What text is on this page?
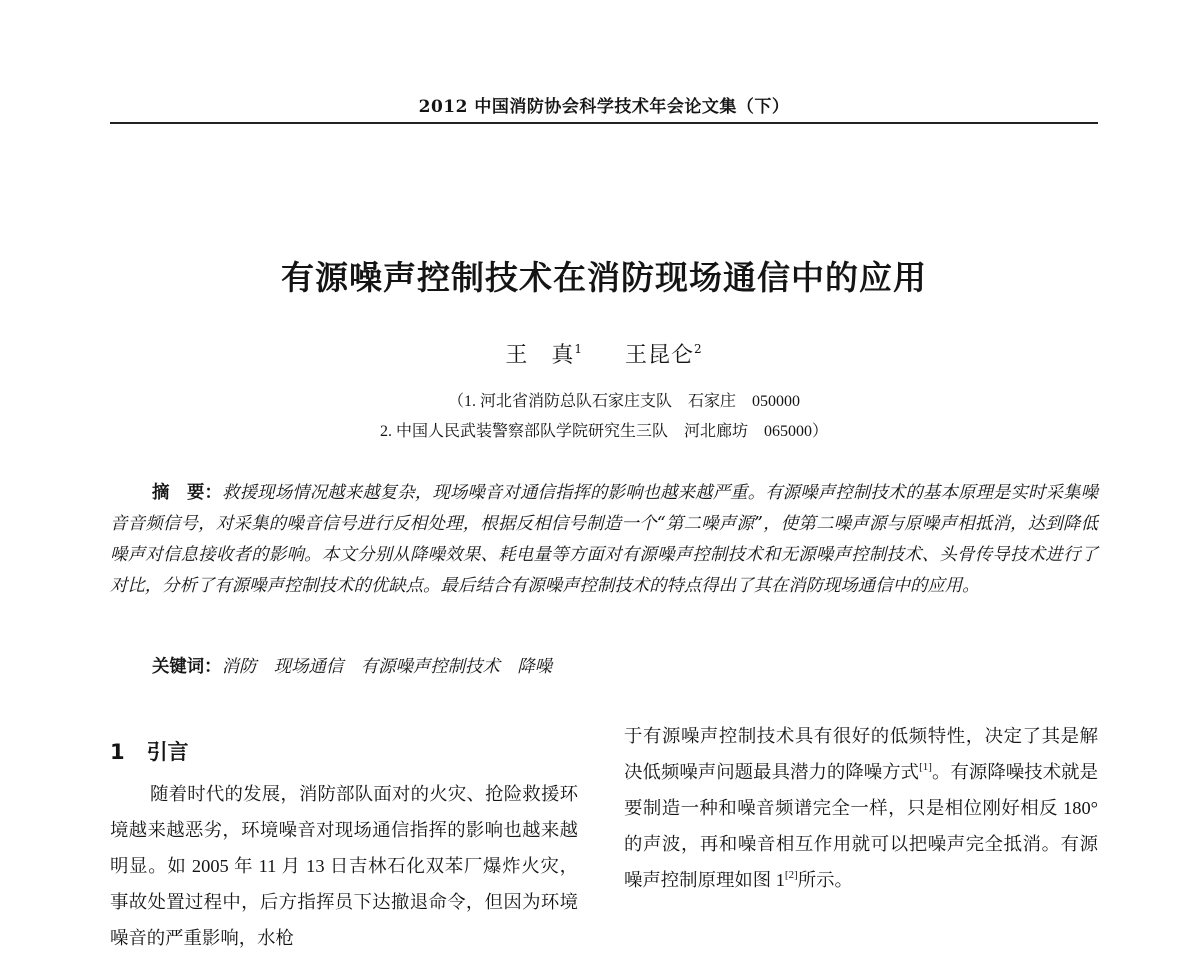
2012 中国消防协会科学技术年会论文集（下）
有源噪声控制技术在消防现场通信中的应用
王　真$^1$ 王昆仑$^2$
（1. 河北省消防总队石家庄支队　石家庄　050000
2. 中国人民武装警察部队学院研究生三队　河北廊坊　065000）
摘　要：救援现场情况越来越复杂，现场噪音对通信指挥的影响也越来越严重。有源噪声控制技术的基本原理是实时采集噪音音频信号，对采集的噪音信号进行反相处理，根据反相信号制造一个“第二噪声源”，使第二噪声源与原噪声相抵消，达到降低噪声对信息接收者的影响。本文分别从降噪效果、耗电量等方面对有源噪声控制技术和无源噪声控制技术、头骨传导技术进行了对比，分析了有源噪声控制技术的优缺点。最后结合有源噪声控制技术的特点得出了其在消防现场通信中的应用。
关键词：消防　现场通信　有源噪声控制技术　降噪
1 引言
随着时代的发展，消防部队面对的火灾、抢险救援环境越来越恶劣，环境噪音对现场通信指挥的影响也越来越明显。如 2005 年 11 月 13 日吉林石化双苯厂爆炸火灾，事故处置过程中，后方指挥员下达撤退命令，但因为环境噪音的严重影响，水枪
于有源噪声控制技术具有很好的低频特性，决定了其是解决低频噪声问题最具潜力的降噪方式[1]。有源降噪技术就是要制造一种和噪音频谱完全一样，只是相位刚好相反 180°的声波，再和噪音相互作用就可以把噪声完全抵消。有源噪声控制原理如图 1[2]所示。
